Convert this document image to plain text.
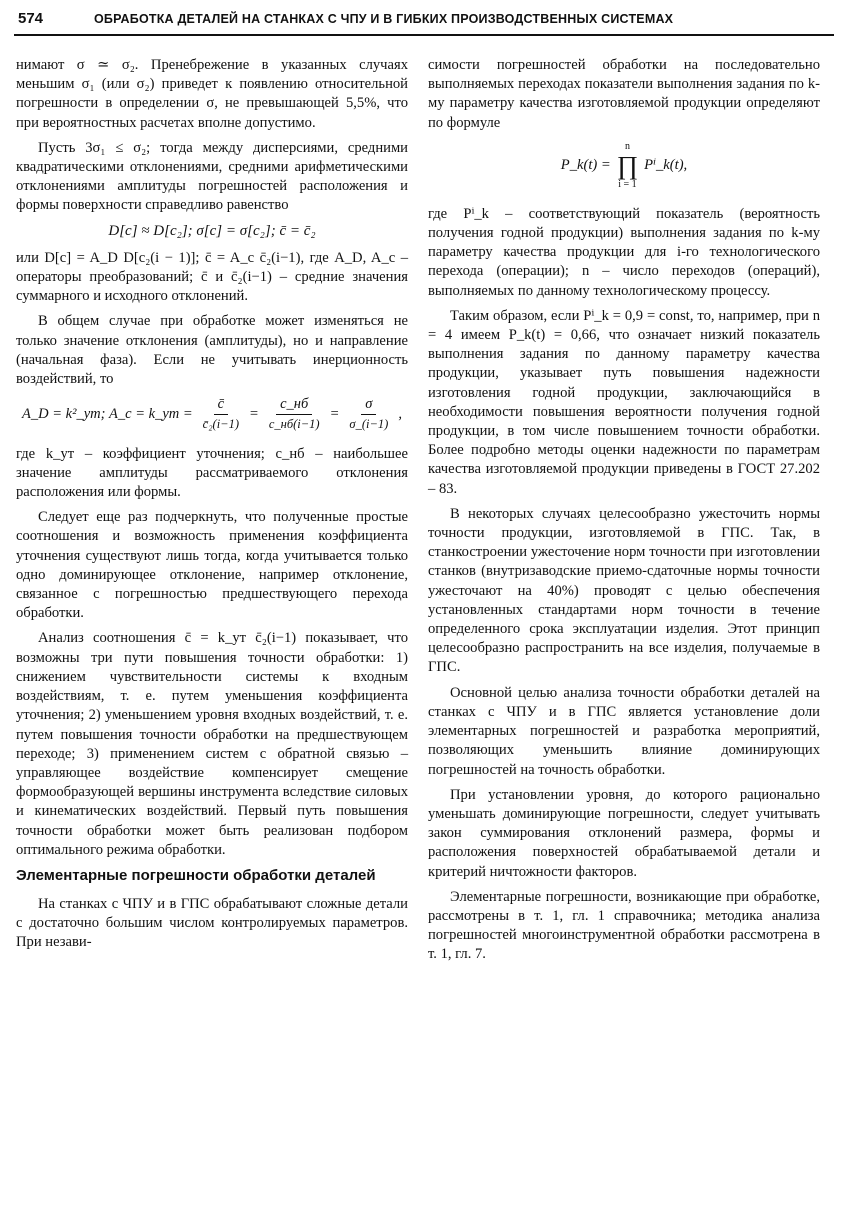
574	ОБРАБОТКА ДЕТАЛЕЙ НА СТАНКАХ С ЧПУ И В ГИБКИХ ПРОИЗВОДСТВЕННЫХ СИСТЕМАХ

нимают σ ≃ σ₂. Пренебрежение в указанных случаях меньшим σ₁ (или σ₂) приведет к появлению относительной погрешности в определении σ, не превышающей 5,5%, что при вероятностных расчетах вполне допустимо.

Пусть 3σ₁ ≤ σ₂; тогда между дисперсиями, средними квадратическими отклонениями, средними арифметическими отклонениями амплитуды погрешностей расположения и формы поверхности справедливо равенство

D[c] ≈ D[c₂]; σ[c] = σ[c₂]; c̄ = c̄₂

или D[c] = A_D D[c₂(i − 1)]; c̄ = A_c c̄₂(i−1), где A_D, A_c – операторы преобразований; c̄ и c̄₂(i−1) – средние значения суммарного и исходного отклонений.

В общем случае при обработке может изменяться не только значение отклонения (амплитуды), но и направление (начальная фаза). Если не учитывать инерционность воздействий, то

A_D = k²_ут; A_c = k_ут = $\frac{c̄}{\text{c̄₂(i−1)}} = \frac{c\_нб}{c\_нб(i-1)} = \frac{\sigma}{\sigma\_(i-1)}$ ,

где k_ут – коэффициент уточнения; c_нб – наибольшее значение амплитуды рассматриваемого отклонения расположения или формы.

Следует еще раз подчеркнуть, что полученные простые соотношения и возможность применения коэффициента уточнения существуют лишь тогда, когда учитывается только одно доминирующее отклонение, например отклонение, связанное с погрешностью предшествующего перехода обработки.

Анализ соотношения c̄ = k_ут c̄₂(i−1) показывает, что возможны три пути повышения точности обработки: 1) снижением чувствительности системы к входным воздействиям, т. е. путем уменьшения коэффициента уточнения; 2) уменьшением уровня входных воздействий, т. е. путем повышения точности обработки на предшествующем переходе; 3) применением систем с обратной связью – управляющее воздействие компенсирует смещение формообразующей вершины инструмента вследствие силовых и кинематических воздействий. Первый путь повышения точности обработки может быть реализован подбором оптимального режима обработки.

Элементарные погрешности обработки деталей

На станках с ЧПУ и в ГПС обрабатывают сложные детали с достаточно большим числом контролируемых параметров. При незави-

симости погрешностей обработки на последовательно выполняемых переходах показатели выполнения задания по k-му параметру качества изготовляемой продукции определяют по формуле

P_k(t) =
n
∏
i = 1
Pⁱ_k(t),

где Pⁱ_k – соответствующий показатель (вероятность получения годной продукции) выполнения задания по k-му параметру качества продукции для i-го технологического перехода (операции); n – число переходов (операций), выполняемых по данному технологическому процессу.

Таким образом, если Pⁱ_k = 0,9 = const, то, например, при n = 4 имеем P_k(t) = 0,66, что означает низкий показатель выполнения задания по данному параметру качества продукции, указывает путь повышения надежности изготовления годной продукции, заключающийся в необходимости повышения вероятности получения годной продукции, в том числе повышением точности обработки. Более подробно методы оценки надежности по параметрам качества изготовляемой продукции приведены в ГОСТ 27.202 – 83.

В некоторых случаях целесообразно ужесточить нормы точности продукции, изготовляемой в ГПС. Так, в станкостроении ужесточение норм точности при изготовлении станков (внутризаводские приемо-сдаточные нормы точности ужесточают на 40%) проводят с целью обеспечения установленных стандартами норм точности в течение определенного срока эксплуатации изделия. Этот принцип целесообразно распространить на все изделия, получаемые в ГПС.

Основной целью анализа точности обработки деталей на станках с ЧПУ и в ГПС является установление доли элементарных погрешностей и разработка мероприятий, позволяющих уменьшить влияние доминирующих погрешностей на точность обработки.

При установлении уровня, до которого рационально уменьшать доминирующие погрешности, следует учитывать закон суммирования отклонений размера, формы и расположения поверхностей обрабатываемой детали и критерий ничтожности факторов.

Элементарные погрешности, возникающие при обработке, рассмотрены в т. 1, гл. 1 справочника; методика анализа погрешностей многоинструментной обработки рассмотрена в т. 1, гл. 7.
